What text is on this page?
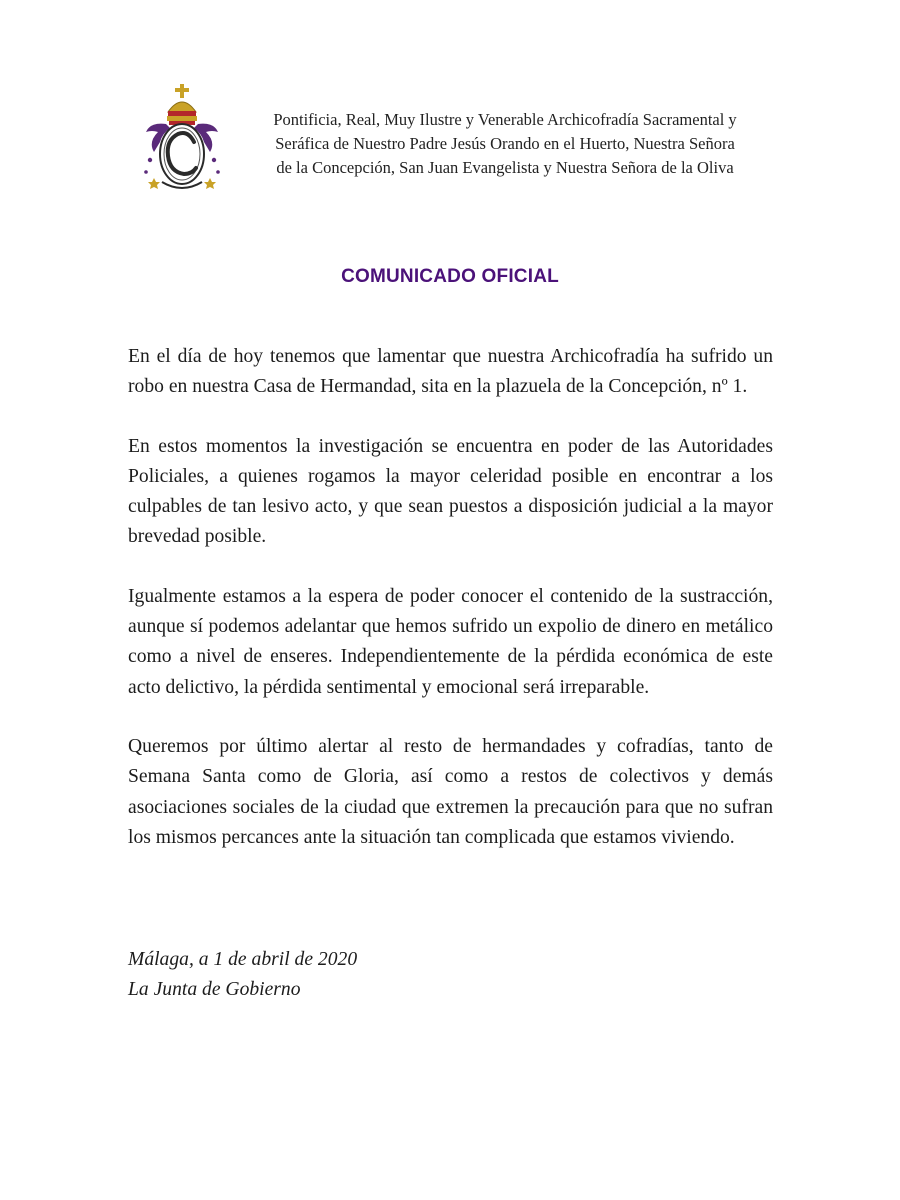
Pontificia, Real, Muy Ilustre y Venerable Archicofradía Sacramental y
Seráfica de Nuestro Padre Jesús Orando en el Huerto, Nuestra Señora
de la Concepción, San Juan Evangelista y Nuestra Señora de la Oliva
COMUNICADO OFICIAL

En el día de hoy tenemos que lamentar que nuestra Archicofradía ha sufrido un robo en nuestra Casa de Hermandad, sita en la plazuela de la Concepción, nº 1.

En estos momentos la investigación se encuentra en poder de las Autoridades Policiales, a quienes rogamos la mayor celeridad posible en encontrar a los culpables de tan lesivo acto, y que sean puestos a disposición judicial a la mayor brevedad posible.

Igualmente estamos a la espera de poder conocer el contenido de la sustracción, aunque sí podemos adelantar que hemos sufrido un expolio de dinero en metálico como a nivel de enseres. Independientemente de la pérdida económica de este acto delictivo, la pérdida sentimental y emocional será irreparable.

Queremos por último alertar al resto de hermandades y cofradías, tanto de Semana Santa como de Gloria, así como a restos de colectivos y demás asociaciones sociales de la ciudad que extremen la precaución para que no sufran los mismos percances ante la situación tan complicada que estamos viviendo.

Málaga, a 1 de abril de 2020
La Junta de Gobierno
